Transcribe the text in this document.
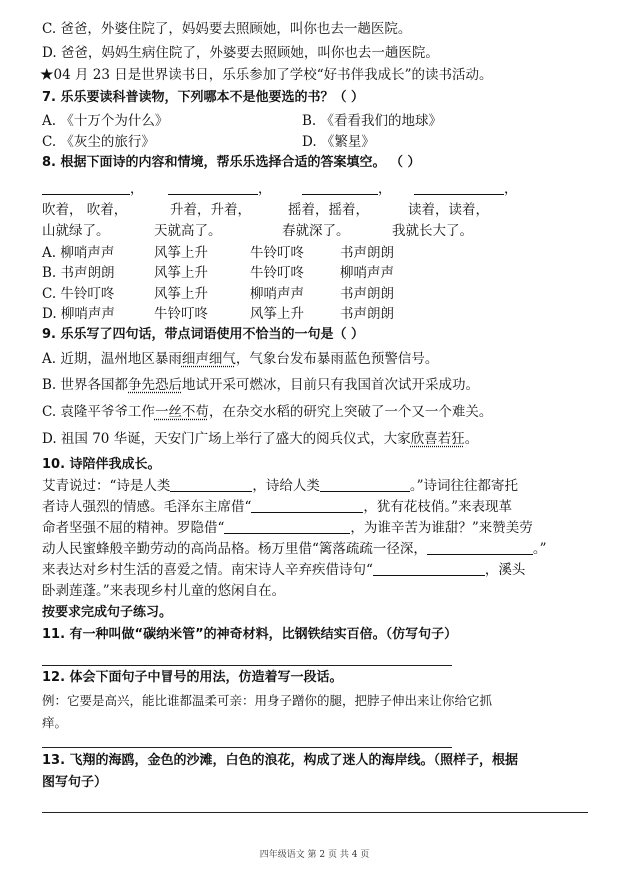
C. 爸爸，外婆住院了，妈妈要去照顾她，叫你也去一趟医院。
D. 爸爸，妈妈生病住院了，外婆要去照顾她，叫你也去一趟医院。
★04 月 23 日是世界读书日，乐乐参加了学校“好书伴我成长”的读书活动。
7. 乐乐要读科普读物，下列哪本不是他要选的书？（ ）
A. 《十万个为什么》	B. 《看看我们的地球》
C. 《灰尘的旅行》	D. 《繁星》
8. 根据下面诗的内容和情境，帮乐乐选择合适的答案填空。 （ ）
，	，	，	，
吹着， 吹着，	升着，升着，	摇着，摇着，	读着，读着，
山就绿了。	天就高了。	春就深了。	我就长大了。
A. 柳哨声声	风筝上升	牛铃叮咚	书声朗朗
B. 书声朗朗	风筝上升	牛铃叮咚	柳哨声声
C. 牛铃叮咚	风筝上升	柳哨声声	书声朗朗
D. 柳哨声声	牛铃叮咚	风筝上升	书声朗朗
9. 乐乐写了四句话，带点词语使用不恰当的一句是（ ）
A. 近期，温州地区暴雨细声细气，气象台发布暴雨蓝色预警信号。
B. 世界各国都争先恐后地试开采可燃冰，目前只有我国首次试开采成功。
C. 袁隆平爷爷工作一丝不苟，在杂交水稻的研究上突破了一个又一个难关。
D. 祖国 70 华诞，天安门广场上举行了盛大的阅兵仪式，大家欣喜若狂。
10. 诗陪伴我成长。
艾青说过：“诗是人类	，诗给人类	。”诗词往往都寄托
者诗人强烈的情感。毛泽东主席借“	，犹有花枝俏。”来表现革
命者坚强不屈的精神。罗隐借“	，为谁辛苦为谁甜？”来赞美劳
动人民蜜蜂般辛勤劳动的高尚品格。杨万里借“篱落疏疏一径深，	。”
来表达对乡村生活的喜爱之情。南宋诗人辛弃疾借诗句“	，溪头
卧剥莲蓬。”来表现乡村儿童的悠闲自在。
按要求完成句子练习。
11. 有一种叫做“碳纳米管”的神奇材料，比钢铁结实百倍。（仿写句子）
12. 体会下面句子中冒号的用法，仿造着写一段话。
例：它要是高兴，能比谁都温柔可亲：用身子蹭你的腿，把脖子伸出来让你给它抓
痒。
13. 飞翔的海鸥，金色的沙滩，白色的浪花，构成了迷人的海岸线。（照样子，根据
图写句子）
四年级语文 第 2 页 共 4 页
